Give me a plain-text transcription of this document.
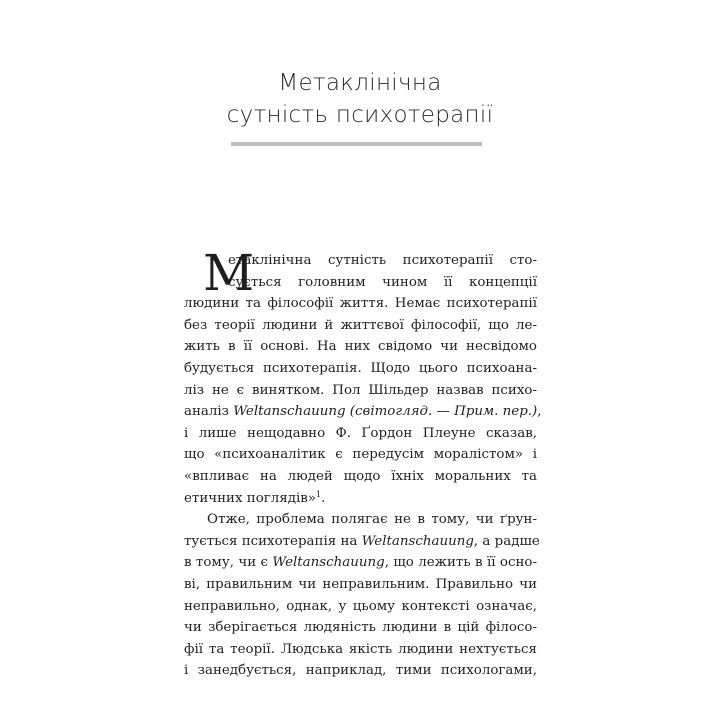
Метаклінічна
сутність психотерапії
М
етаклінічна сутність психотерапії сто-
сується головним чином її концепції
людини та філософії життя. Немає психотерапії
без теорії людини й життєвої філософії, що ле-
жить в її основі. На них свідомо чи несвідомо
будується психотерапія. Щодо цього психоана-
ліз не є винятком. Пол Шільдер назвав психо-
аналіз Weltanschauung (світогляд. — Прим. пер.),
і лише нещодавно Ф. Ґордон Плеуне сказав,
що «психоаналітик є передусім моралістом» і
«впливає на людей щодо їхніх моральних та
етичних поглядів»$^1$.
Отже, проблема полягає не в тому, чи ґрун-
тується психотерапія на Weltanschauung, а радше
в тому, чи є Weltanschauung, що лежить в її осно-
ві, правильним чи неправильним. Правильно чи
неправильно, однак, у цьому контексті означає,
чи зберігається людяність людини в цій філосо-
фії та теорії. Людська якість людини нехтується
і занедбується, наприклад, тими психологами,
